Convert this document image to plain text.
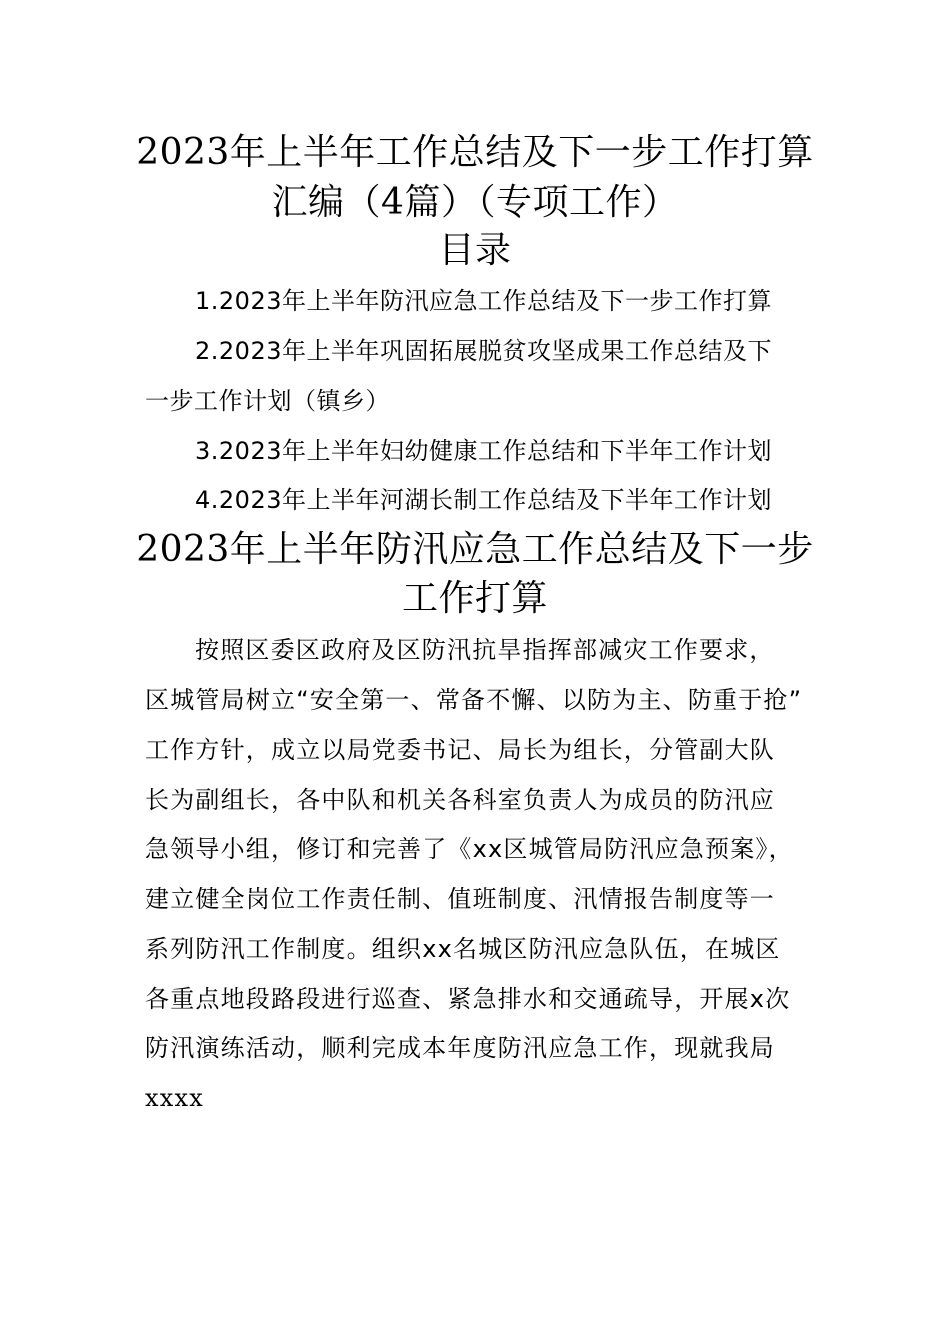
2023年上半年工作总结及下一步工作打算
汇编（4篇）（专项工作）
目录
1.2023年上半年防汛应急工作总结及下一步工作打算
2.2023年上半年巩固拓展脱贫攻坚成果工作总结及下
一步工作计划（镇乡）
3.2023年上半年妇幼健康工作总结和下半年工作计划
4.2023年上半年河湖长制工作总结及下半年工作计划
2023年上半年防汛应急工作总结及下一步
工作打算
按照区委区政府及区防汛抗旱指挥部减灾工作要求，
区城管局树立“安全第一、常备不懈、以防为主、防重于抢”
工作方针，成立以局党委书记、局长为组长，分管副大队
长为副组长，各中队和机关各科室负责人为成员的防汛应
急领导小组，修订和完善了《xx区城管局防汛应急预案》，
建立健全岗位工作责任制、值班制度、汛情报告制度等一
系列防汛工作制度。组织xx名城区防汛应急队伍，在城区
各重点地段路段进行巡查、紧急排水和交通疏导，开展x次
防汛演练活动，顺利完成本年度防汛应急工作，现就我局
xxxx
